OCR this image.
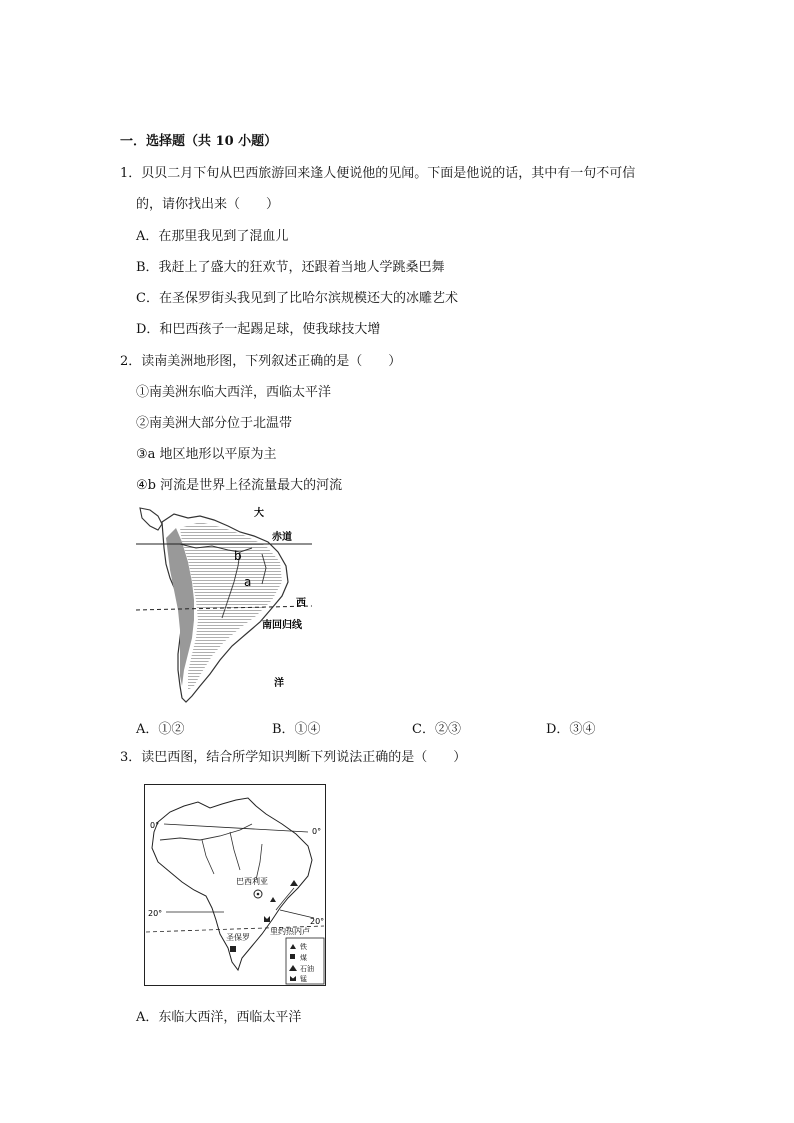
一．选择题（共 10 小题）
1．贝贝二月下旬从巴西旅游回来逢人便说他的见闻。下面是他说的话，其中有一句不可信
的，请你找出来（　　）
A．在那里我见到了混血儿
B．我赶上了盛大的狂欢节，还跟着当地人学跳桑巴舞
C．在圣保罗街头我见到了比哈尔滨规模还大的冰雕艺术
D．和巴西孩子一起踢足球，使我球技大增
2．读南美洲地形图，下列叙述正确的是（　　）
①南美洲东临大西洋，西临太平洋
②南美洲大部分位于北温带
③a 地区地形以平原为主
④b 河流是世界上径流量最大的河流
大
赤道
b
a
西
南回归线
洋
A．①②	B．①④	C．②③	D．③④
3．读巴西图，结合所学知识判断下列说法正确的是（　　）
0°
0°
20°
20°
巴西利亚
里约热内卢
圣保罗
铁
煤
石油
锰
A．东临大西洋，西临太平洋
